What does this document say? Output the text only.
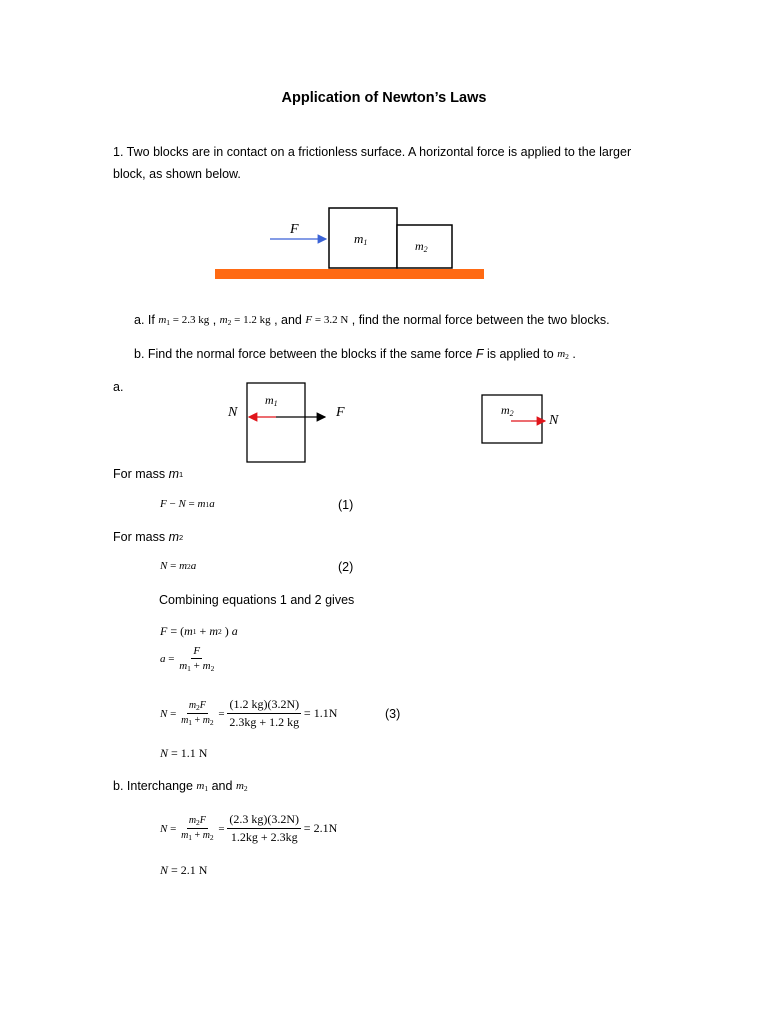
Application of Newton’s Laws
1. Two blocks are in contact on a frictionless surface. A horizontal force is applied to the larger
block, as shown below.
F
$m_1$	$m_2$
a. If
$m_1 = 2.3$ kg , $m_2 = 1.2$ kg
, and
F = 3.2 N
, find the normal force between the two blocks.
b. Find the normal force between the blocks if the same force
F
is applied to
$m_2$
.
a.
$m_1$
N	F	$m_2$	N
For mass
m 1
F
−
N
=
m 1 a	(1)
For mass
m 2
N
=
m 2 a	(2)
Combining equations 1 and 2 gives
F
= ( m 1
+
m 2
)
a
a
=
$\frac{F}{m_1 + m_2}$
N
=
$\frac{m_2F}{m_1 + m_2}$
=
$\frac{(1.2 kg)(3.2N)}{2.3kg + 1.2 kg}$
= 1.1N	(3)
N
= 1.1 N
b. Interchange
$m_1$
and
$m_2$
N
=
$\frac{m_2F}{m_1 + m_2}$
=
$\frac{(2.3 kg)(3.2N)}{1.2kg + 2.3kg}$
= 2.1N
N
= 2.1 N
